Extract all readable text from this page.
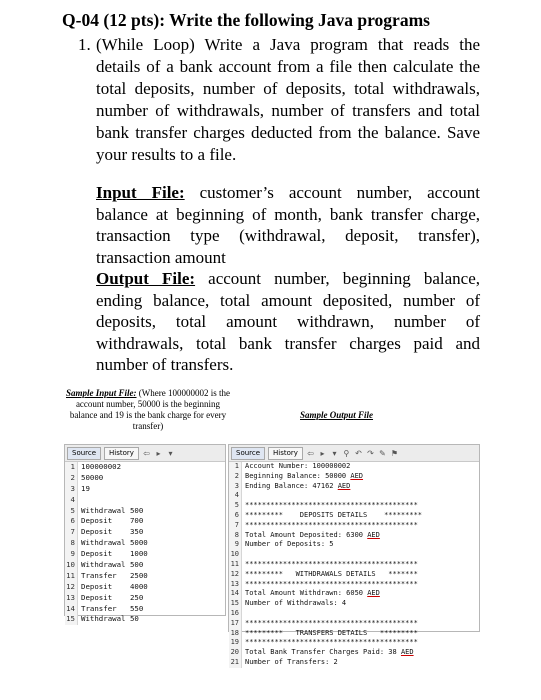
Q-04 (12 pts): Write the following Java programs
1. (While Loop) Write a Java program that reads the details of a bank account from a file then calculate the total deposits, number of deposits, total withdrawals, number of withdrawals, number of transfers and total bank transfer charges deducted from the balance. Save your results to a file.

Input File: customer’s account number, account balance at beginning of month, bank transfer charge, transaction type (withdrawal, deposit, transfer), transaction amount

Output File: account number, beginning balance, ending balance, total amount deposited, number of deposits, total amount withdrawn, number of withdrawals, total bank transfer charges paid and number of transfers.

Sample Input File: (Where 100000002 is the account number, 50000 is the beginning balance and 19 is the bank charge for every transfer)
Sample Output File
Source	History	⇦ ▸ ▾
1 100000002
2 50000
3 19
4
5 Withdrawal 500
6 Deposit    700
7 Deposit    350
8 Withdrawal 5000
9 Deposit    1000
10 Withdrawal 500
11 Transfer   2500
12 Deposit    4000
13 Deposit    250
14 Transfer   550
15 Withdrawal 50
Source	History	⇦ ▸ ▾ ⚲ ↶ ↷ ✎ ⚑
1 Account Number: 100000002
2 Beginning Balance: 50000 AED
3 Ending Balance: 47162 AED
4
5 *****************************************
6 *********    DEPOSITS DETAILS    *********
7 *****************************************
8 Total Amount Deposited: 6300 AED
9 Number of Deposits: 5
10
11 *****************************************
12 *********   WITHDRAWALS DETAILS   *******
13 *****************************************
14 Total Amount Withdrawn: 6050 AED
15 Number of Withdrawals: 4
16
17 *****************************************
18 *********   TRANSFERS DETAILS   *********
19 *****************************************
20 Total Bank Transfer Charges Paid: 38 AED
21 Number of Transfers: 2
